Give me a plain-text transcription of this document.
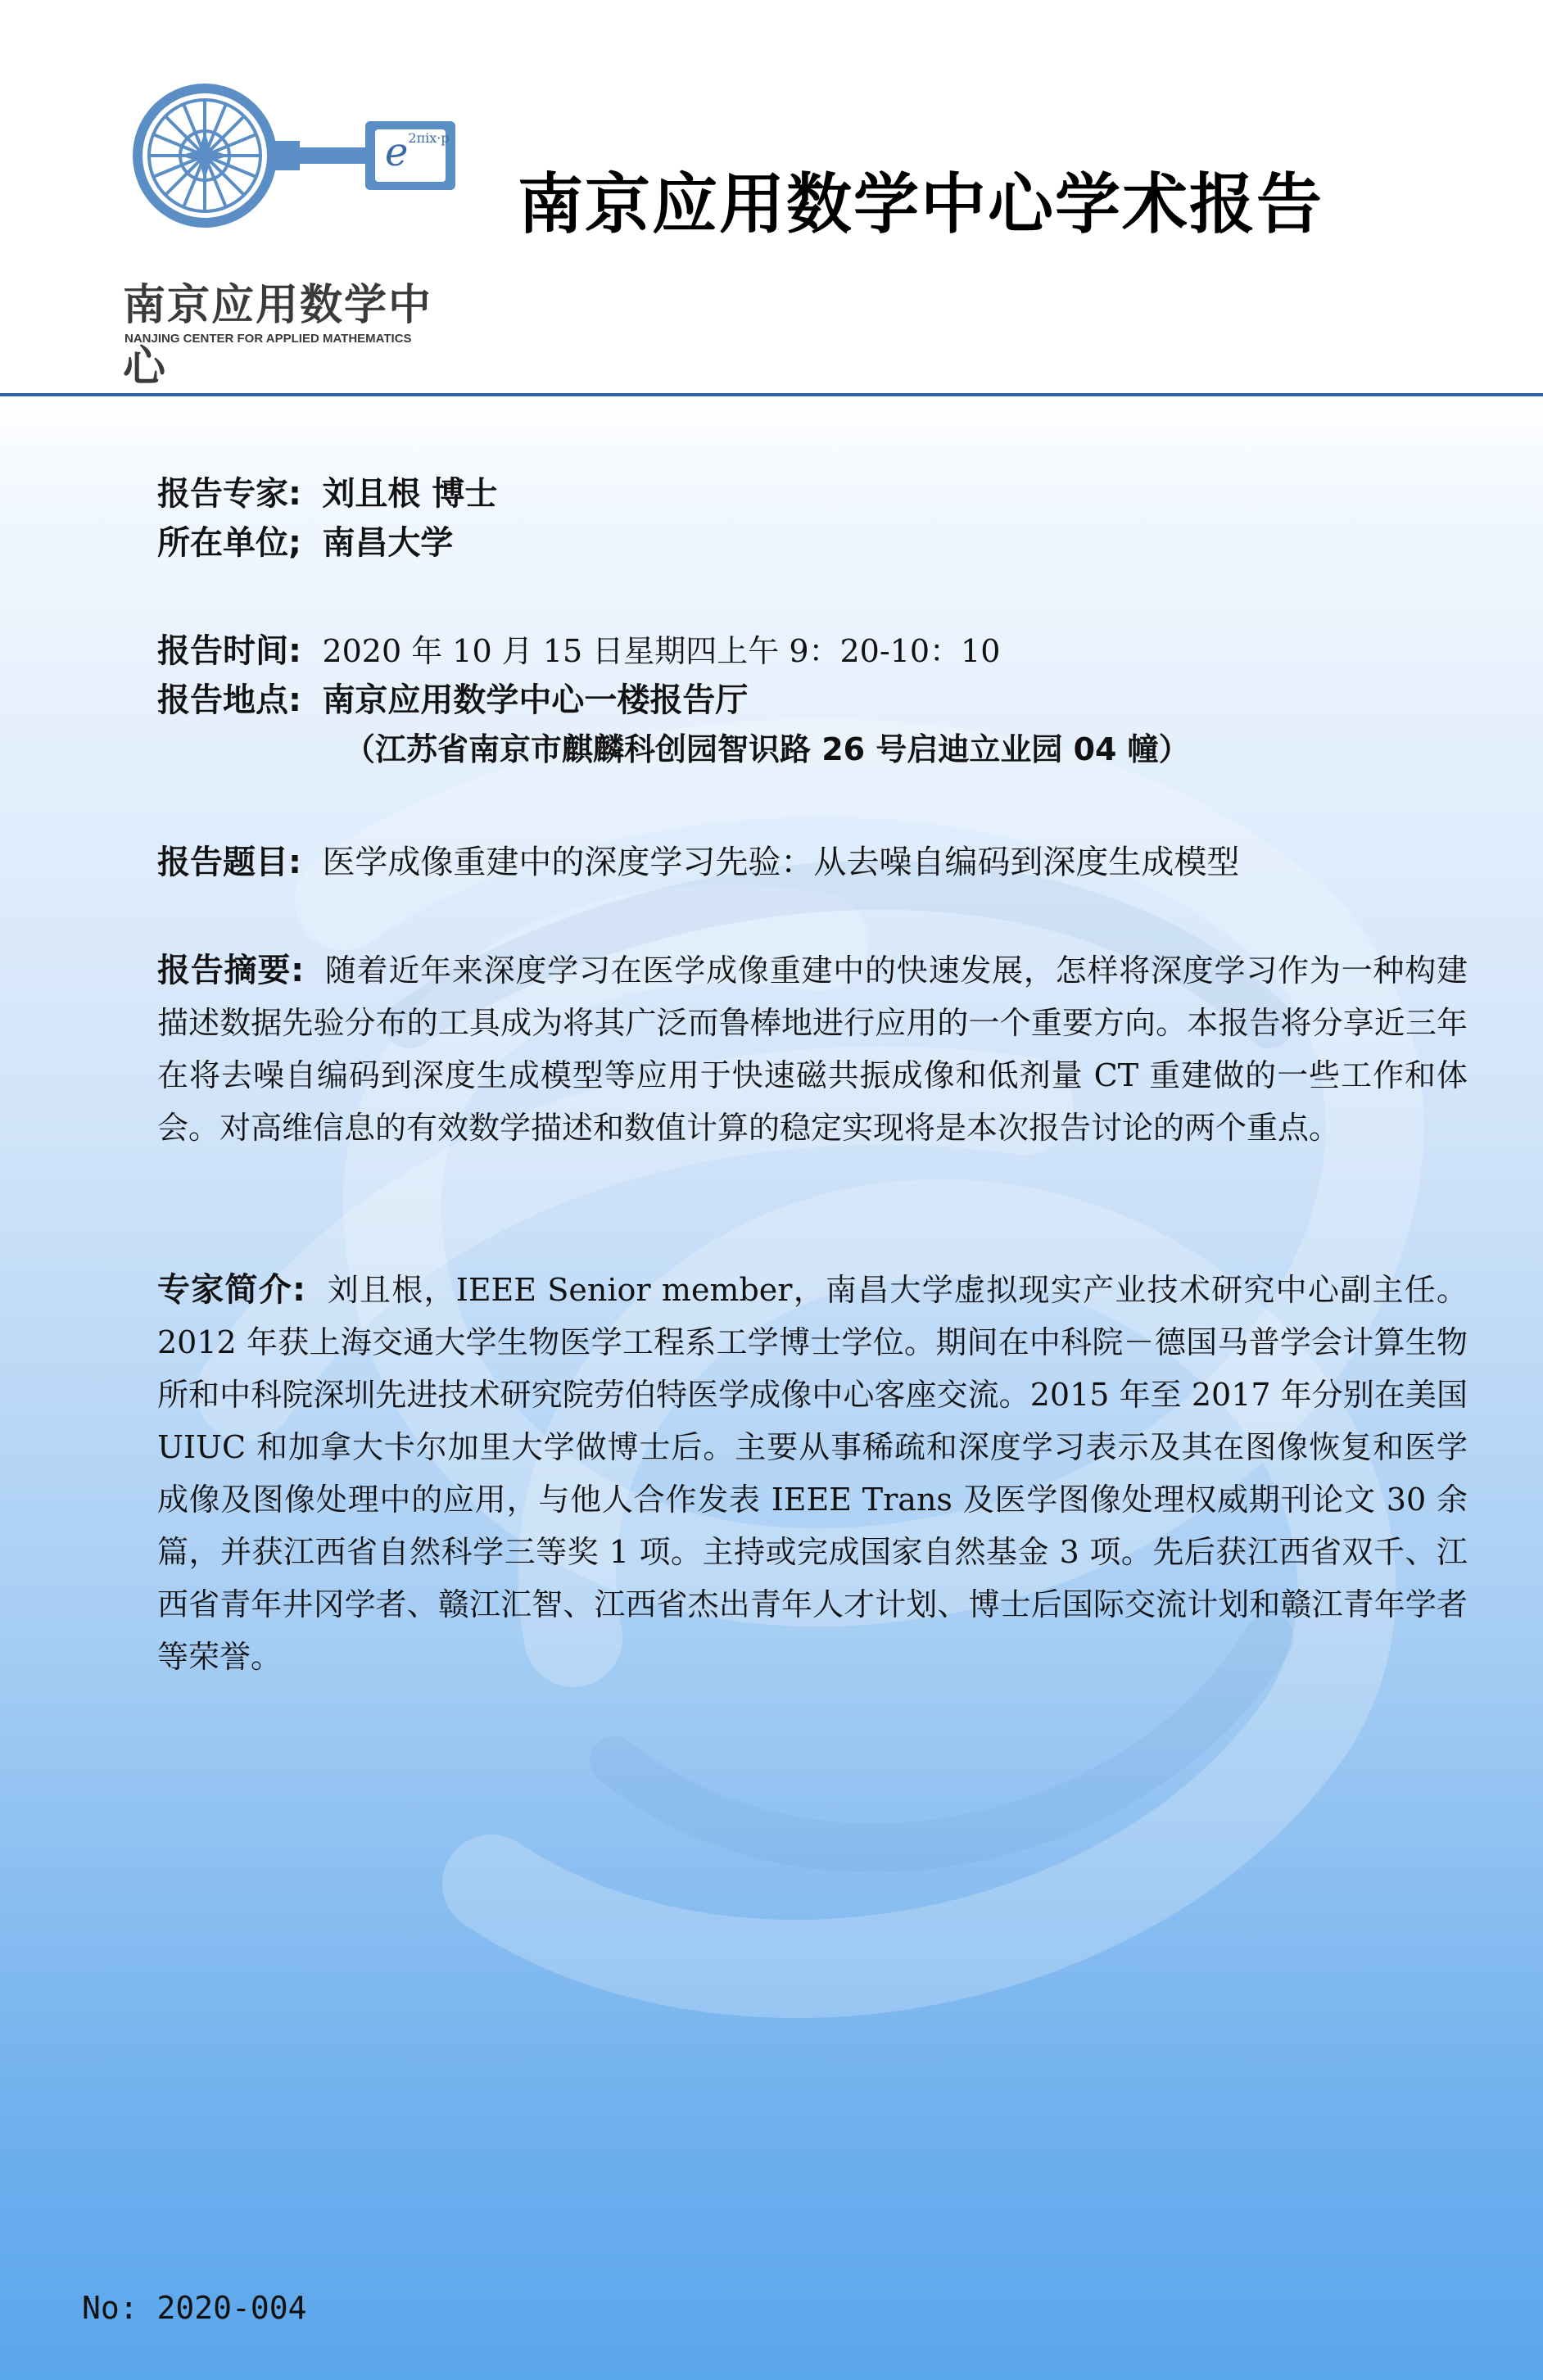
e2πix·p
南京应用数学中心
NANJING CENTER FOR APPLIED MATHEMATICS
南京应用数学中心学术报告
报告专家: 刘且根 博士
所在单位; 南昌大学
报告时间: 2020 年 10 月 15 日星期四上午 9：20-10：10
报告地点: 南京应用数学中心一楼报告厅
（江苏省南京市麒麟科创园智识路 26 号启迪立业园 04 幢）
报告题目: 医学成像重建中的深度学习先验：从去噪自编码到深度生成模型
报告摘要: 随着近年来深度学习在医学成像重建中的快速发展，怎样将深度学习作为一种构建描述数据先验分布的工具成为将其广泛而鲁棒地进行应用的一个重要方向。本报告将分享近三年在将去噪自编码到深度生成模型等应用于快速磁共振成像和低剂量 CT 重建做的一些工作和体会。对高维信息的有效数学描述和数值计算的稳定实现将是本次报告讨论的两个重点。
专家简介: 刘且根，IEEE Senior member，南昌大学虚拟现实产业技术研究中心副主任。2012 年获上海交通大学生物医学工程系工学博士学位。期间在中科院－德国马普学会计算生物所和中科院深圳先进技术研究院劳伯特医学成像中心客座交流。2015 年至 2017 年分别在美国 UIUC 和加拿大卡尔加里大学做博士后。主要从事稀疏和深度学习表示及其在图像恢复和医学成像及图像处理中的应用，与他人合作发表 IEEE Trans 及医学图像处理权威期刊论文 30 余篇，并获江西省自然科学三等奖 1 项。主持或完成国家自然基金 3 项。先后获江西省双千、江西省青年井冈学者、赣江汇智、江西省杰出青年人才计划、博士后国际交流计划和赣江青年学者等荣誉。
No: 2020-004
